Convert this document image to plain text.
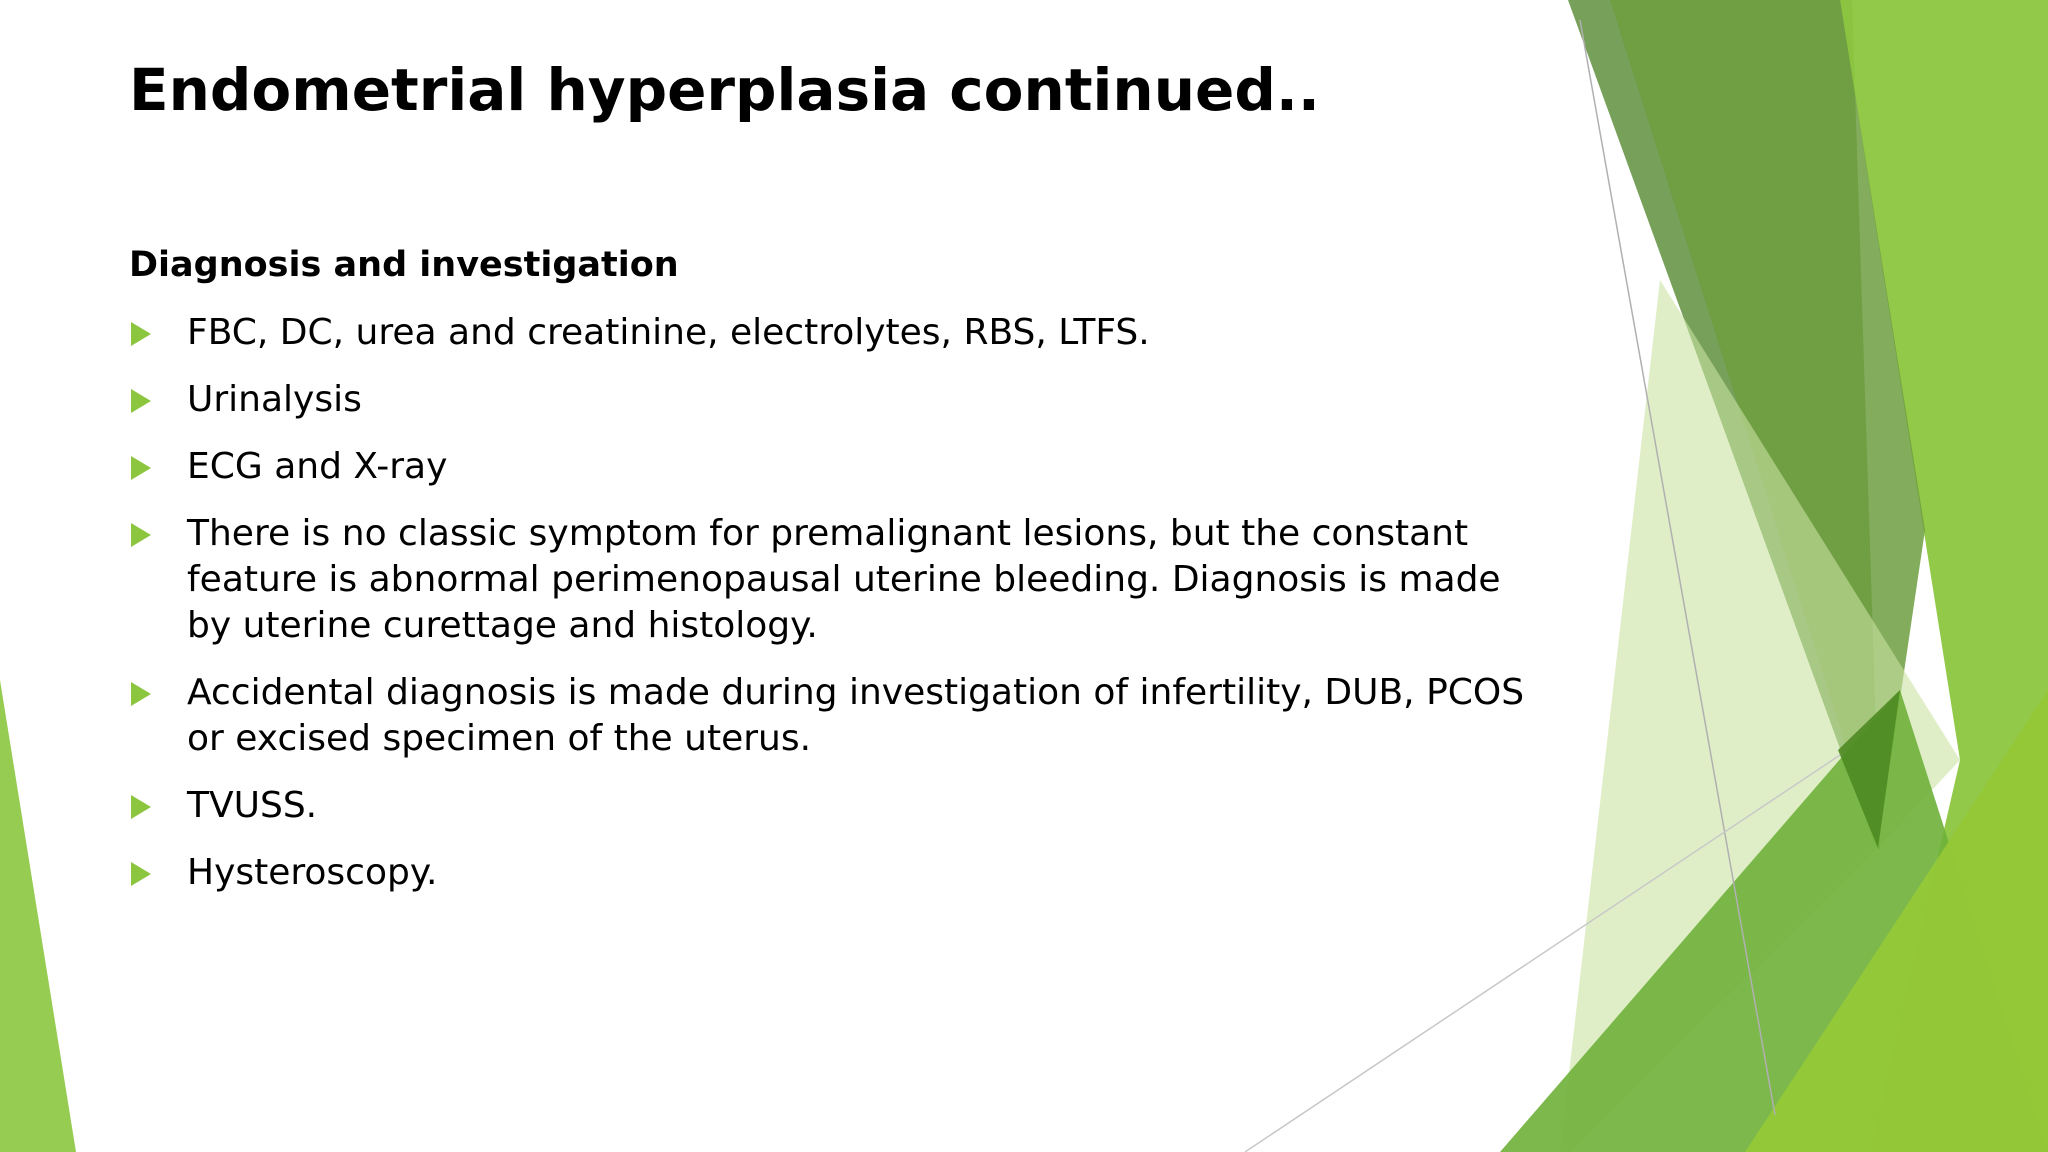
Endometrial hyperplasia continued..
Diagnosis and investigation
FBC, DC, urea and creatinine, electrolytes, RBS, LTFS.
Urinalysis
ECG and X-ray
There is no classic symptom for premalignant lesions, but the constant feature is abnormal perimenopausal uterine bleeding. Diagnosis is made by uterine curettage and histology.
Accidental diagnosis is made during investigation of infertility, DUB, PCOS or excised specimen of the uterus.
TVUSS.
Hysteroscopy.
